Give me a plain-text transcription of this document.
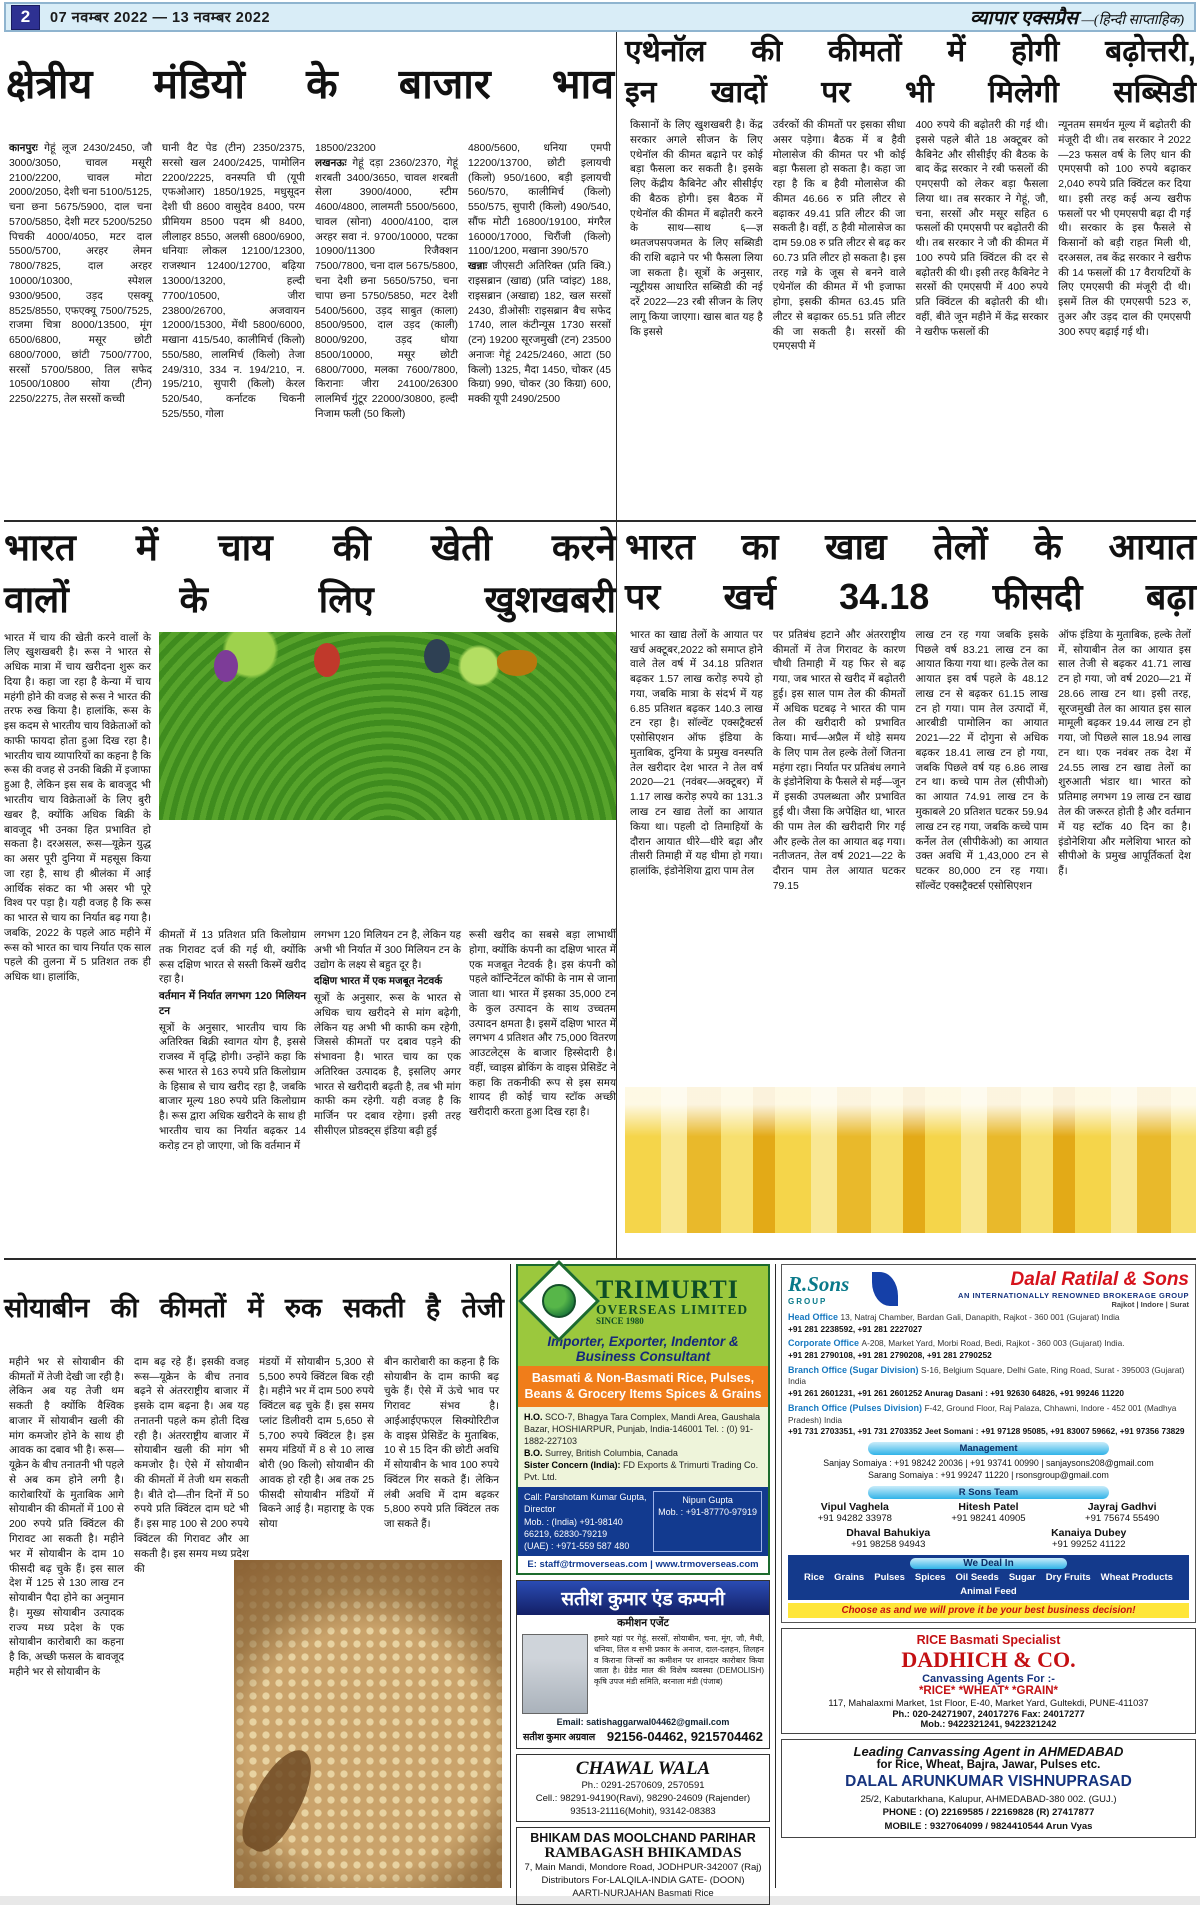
2	07 नवम्बर 2022 — 13 नवम्बर 2022	व्यापार एक्सप्रैस —(हिन्दी साप्ताहिक)
क्षेत्रीय मंडियों के बाजार भाव
कानपुरः गेहूं लूज 2430/2450, जौ 3000/3050, चावल मसूरी 2100/2200, चावल मोटा 2000/2050, देशी चना 5100/5125, चना छना 5675/5900, दाल चना 5700/5850, देशी मटर 5200/5250 पिचकी 4000/4050, मटर दाल 5500/5700, अरहर लेमन 7800/7825, दाल अरहर 10000/10300, स्पेशल 9300/9500, उड़द एसक्यू 8525/8550, एफएक्यू 7500/7525, राजमा चित्रा 8000/13500, मूंग 6500/6800, मसूर छोटी 6800/7000, छांटी 7500/7700, सरसों 5700/5800, तिल सफेद 10500/10800 सोया (टीन) 2250/2275, तेल सरसों कच्ची
घानी वैट पेड (टीन) 2350/2375, सरसो खल 2400/2425, पामोलिन 2200/2225, वनस्पति घी (यूपी एफओआर) 1850/1925, मधुसूदन देशी घी 8600 वासुदेव 8400, परम प्रीमियम 8500 पदम श्री 8400, लीलाहर 8550, अलसी 6800/6900, धनियाः लोकल 12100/12300, राजस्थान 12400/12700, बढ़िया 13000/13200, हल्दी 7700/10500, जीरा 23800/26700, अजवायन 12000/15300, मेंथी 5800/6000, मखाना 415/540, कालीमिर्च (किलो) 550/580, लालमिर्च (किलो) तेजा 249/310, 334 न. 194/210, न. 195/210, सुपारी (किलो) केरल 520/540, कर्नाटक चिकनी 525/550, गोला
18500/23200
लखनऊः गेहूं दड़ा 2360/2370, गेहूं शरबती 3400/3650, चावल शरबती सेला 3900/4000, स्टीम 4600/4800, लालमती 5500/5600, चावल (सोना) 4000/4100, दाल अरहर सवा नं. 9700/10000, पटका 10900/11300 रिजैक्शन 7500/7800, चना दाल 5675/5800, चना देशी छना 5650/5750, चना चापा छना 5750/5850, मटर देशी 5400/5600, उड़द साबुत (काला) 8500/9500, दाल उड़द (काली) 8000/9200, उड़द धोया 8500/10000, मसूर छोटी 6800/7000, मलका 7600/7800, किरानाः जीरा 24100/26300 लालमिर्च गुंटूर 22000/30800, हल्दी निजाम फली (50 किलो)
4800/5600, धनिया एमपी 12200/13700, छोटी इलायची (किलो) 950/1600, बड़ी इलायची 560/570, कालीमिर्च (किलो) 550/575, सुपारी (किलो) 490/540, सौंफ मोटी 16800/19100, मंगरैल 16000/17000, चिरौंजी (किलो) 1100/1200, मखाना 390/570
खन्नाः जीएसटी अतिरिक्त (प्रति क्वि.) राइसब्रान (खाद्य) (प्रति प्वांइट) 188, राइसब्रान (अखाद्य) 182, खल सरसों 2430, डीओसीः राइसब्रान बैच सफेद 1740, लाल कंटीन्यूस 1730 सरसों (टन) 19200 सूरजमुखी (टन) 23500 अनाजः गेहूं 2425/2460, आटा (50 किलो) 1325, मैदा 1450, चोकर (45 किग्रा) 990, चोकर (30 किग्रा) 600, मक्की यूपी 2490/2500
एथेनॉल की कीमतों में होगी बढ़ोत्तरी,
इन खादों पर भी मिलेगी सब्सिडी
किसानों के लिए खुशखबरी है। केंद्र सरकार अगले सीजन के लिए एथेनॉल की कीमत बढ़ाने पर कोई बड़ा फैसला कर सकती है। इसके लिए केंद्रीय कैबिनेट और सीसीईए की बैठक होगी। इस बैठक में एथेनॉल की कीमत में बढ़ोतरी करने के साथ—साथ ६—ज्ञ थ्मतजपसपजमत के लिए सब्सिडी की राशि बढ़ाने पर भी फैसला लिया जा सकता है। सूत्रों के अनुसार, न्यूट्रीयस आधारित सब्सिडी की नई दरें 2022—23 रबी सीजन के लिए लागू किया जाएगा। खास बात यह है कि इससे
उर्वरकों की कीमतों पर इसका सीधा असर पड़ेगा। बैठक में ब हैवी मोलासेज की कीमत पर भी कोई बड़ा फैसला हो सकता है। कहा जा रहा है कि ब हैवी मोलासेज की कीमत 46.66 रु प्रति लीटर से बढ़ाकर 49.41 प्रति लीटर की जा सकती है। वहीं, ठ हैवी मोलासेज का दाम 59.08 रु प्रति लीटर से बढ़ कर 60.73 प्रति लीटर हो सकता है। इस तरह गन्ने के जूस से बनने वाले एथेनॉल की कीमत में भी इजाफा होगा, इसकी कीमत 63.45 प्रति लीटर से बढ़ाकर 65.51 प्रति लीटर की जा सकती है। सरसों की एमएसपी में
400 रुपये की बढ़ोतरी की गई थी। इससे पहले बीते 18 अक्टूबर को कैबिनेट और सीसीईए की बैठक के बाद केंद्र सरकार ने रबी फसलों की एमएसपी को लेकर बड़ा फैसला लिया था। तब सरकार ने गेहूं, जौ, चना, सरसों और मसूर सहित 6 फसलों की एमएसपी पर बढ़ोतरी की थी। तब सरकार ने जौ की कीमत में 100 रुपये प्रति क्विंटल की दर से बढ़ोतरी की थी। इसी तरह कैबिनेट ने सरसों की एमएसपी में 400 रुपये प्रति क्विंटल की बढ़ोतरी की थी। वहीं, बीते जून महीने में केंद्र सरकार ने खरीफ फसलों की
न्यूनतम समर्थन मूल्य में बढ़ोतरी की मंजूरी दी थी। तब सरकार ने 2022—23 फसल वर्ष के लिए धान की एमएसपी को 100 रुपये बढ़ाकर 2,040 रुपये प्रति क्विंटल कर दिया था। इसी तरह कई अन्य खरीफ फसलों पर भी एमएसपी बढ़ा दी गई थी। सरकार के इस फैसले से किसानों को बड़ी राहत मिली थी, दरअसल, तब केंद्र सरकार ने खरीफ की 14 फसलों की 17 वैरायटियों के लिए एमएसपी की मंजूरी दी थी। इसमें तिल की एमएसपी 523 रु, तुअर और उड़द दाल की एमएसपी 300 रुपए बढ़ाई गई थी।
भारत में चाय की खेती करने
वालों के लिए खुशखबरी
भारत में चाय की खेती करने वालों के लिए खुशखबरी है। रूस ने भारत से अधिक मात्रा में चाय खरीदना शुरू कर दिया है। कहा जा रहा है केन्या में चाय महंगी होने की वजह से रूस ने भारत की तरफ रुख किया है। हालांकि, रूस के इस कदम से भारतीय चाय विक्रेताओं को काफी फायदा होता हुआ दिख रहा है। भारतीय चाय व्यापारियों का कहना है कि रूस की वजह से उनकी बिक्री में इजाफा हुआ है, लेकिन इस सब के बावजूद भी भारतीय चाय विक्रेताओं के लिए बुरी खबर है, क्योंकि अधिक बिक्री के बावजूद भी उनका हित प्रभावित हो सकता है। दरअसल, रूस—यूक्रेन युद्ध का असर पूरी दुनिया में महसूस किया जा रहा है, साथ ही श्रीलंका में आई आर्थिक संकट का भी असर भी पूरे विश्व पर पड़ा है। यही वजह है कि रूस का भारत से चाय का निर्यात बढ़ गया है। जबकि, 2022 के पहले आठ महीने में रूस को भारत का चाय निर्यात एक साल पहले की तुलना में 5 प्रतिशत तक ही अधिक था। हालांकि,
कीमतों में 13 प्रतिशत प्रति किलोग्राम तक गिरावट दर्ज की गई थी, क्योंकि रूस दक्षिण भारत से सस्ती किस्में खरीद रहा है।
वर्तमान में निर्यात लगभग 120 मिलियन टन
सूत्रों के अनुसार, भारतीय चाय कि अतिरिक्त बिक्री स्वागत योग है, इससे राजस्व में वृद्धि होगी। उन्होंने कहा कि रूस भारत से 163 रुपये प्रति किलोग्राम के हिसाब से चाय खरीद रहा है, जबकि बाजार मूल्य 180 रुपये प्रति किलोग्राम है। रूस द्वारा अधिक खरीदने के साथ ही भारतीय चाय का निर्यात बढ़कर 14 करोड़ टन हो जाएगा, जो कि वर्तमान में
लगभग 120 मिलियन टन है, लेकिन यह अभी भी निर्यात में 300 मिलियन टन के उद्योग के लक्ष्य से बहुत दूर है।
दक्षिण भारत में एक मजबूत नेटवर्क
सूत्रों के अनुसार, रूस के भारत से अधिक चाय खरीदने से मांग बढ़ेगी, लेकिन यह अभी भी काफी कम रहेगी, जिससे कीमतों पर दबाव पड़ने की संभावना है। भारत चाय का एक अतिरिक्त उत्पादक है, इसलिए अगर भारत से खरीदारी बढ़ती है, तब भी मांग काफी कम रहेगी. यही वजह है कि मार्जिन पर दबाव रहेगा। इसी तरह सीसीएल प्रोडक्ट्स इंडिया बढ़ी हुई
रूसी खरीद का सबसे बड़ा लाभार्थी होगा, क्योंकि कंपनी का दक्षिण भारत में एक मजबूत नेटवर्क है। इस कंपनी को पहले कॉन्टिनेंटल कॉफी के नाम से जाना जाता था। भारत में इसका 35,000 टन के कुल उत्पादन के साथ उच्चतम उत्पादन क्षमता है। इसमें दक्षिण भारत में लगभग 4 प्रतिशत और 75,000 वितरण आउटलेट्स के बाजार हिस्सेदारी है। वहीं, च्वाइस ब्रोकिंग के वाइस प्रेसिडेंट ने कहा कि तकनीकी रूप से इस समय शायद ही कोई चाय स्टॉक अच्छी खरीदारी करता हुआ दिख रहा है।
भारत का खाद्य तेलों के आयात
पर खर्च 34.18 फीसदी बढ़ा
भारत का खाद्य तेलों के आयात पर खर्च अक्टूबर,2022 को समाप्त होने वाले तेल वर्ष में 34.18 प्रतिशत बढ़कर 1.57 लाख करोड़ रुपये हो गया, जबकि मात्रा के संदर्भ में यह 6.85 प्रतिशत बढ़कर 140.3 लाख टन रहा है। सॉल्वेंट एक्सट्रैक्टर्स एसोसिएशन ऑफ इंडिया के मुताबिक, दुनिया के प्रमुख वनस्पति तेल खरीदार देश भारत ने तेल वर्ष 2020—21 (नवंबर—अक्टूबर) में 1.17 लाख करोड़ रुपये का 131.3 लाख टन खाद्य तेलों का आयात किया था। पहली दो तिमाहियों के दौरान आयात धीरे—धीरे बढ़ा और तीसरी तिमाही में यह धीमा हो गया। हालांकि, इंडोनेशिया द्वारा पाम तेल
पर प्रतिबंध हटाने और अंतरराष्ट्रीय कीमतों में तेज गिरावट के कारण चौथी तिमाही में यह फिर से बढ़ गया, जब भारत से खरीद में बढ़ोतरी हुई। इस साल पाम तेल की कीमतों में अधिक घटबढ़ ने भारत की पाम तेल की खरीदारी को प्रभावित किया। मार्च—अप्रैल में थोड़े समय के लिए पाम तेल हल्के तेलों जितना महंगा रहा। निर्यात पर प्रतिबंध लगाने के इंडोनेशिया के फैसले से मई—जून में इसकी उपलब्धता और प्रभावित हुई थी। जैसा कि अपेक्षित था, भारत की पाम तेल की खरीदारी गिर गई और हल्के तेल का आयात बढ़ गया। नतीजतन, तेल वर्ष 2021—22 के दौरान पाम तेल आयात घटकर 79.15
लाख टन रह गया जबकि इसके पिछले वर्ष 83.21 लाख टन का आयात किया गया था। हल्के तेल का आयात इस वर्ष पहले के 48.12 लाख टन से बढ़कर 61.15 लाख टन हो गया। पाम तेल उत्पादों में, आरबीडी पामोलिन का आयात 2021—22 में दोगुना से अधिक बढ़कर 18.41 लाख टन हो गया, जबकि पिछले वर्ष यह 6.86 लाख टन था। कच्चे पाम तेल (सीपीओ) का आयात 74.91 लाख टन के मुकाबले 20 प्रतिशत घटकर 59.94 लाख टन रह गया, जबकि कच्चे पाम कर्नेल तेल (सीपीकेओ) का आयात उक्त अवधि में 1,43,000 टन से घटकर 80,000 टन रह गया। सॉल्वेंट एक्सट्रैक्टर्स एसोसिएशन
ऑफ इंडिया के मुताबिक, हल्के तेलों में, सोयाबीन तेल का आयात इस साल तेजी से बढ़कर 41.71 लाख टन हो गया, जो वर्ष 2020—21 में 28.66 लाख टन था। इसी तरह, सूरजमुखी तेल का आयात इस साल मामूली बढ़कर 19.44 लाख टन हो गया, जो पिछले साल 18.94 लाख टन था। एक नवंबर तक देश में 24.55 लाख टन खाद्य तेलों का शुरुआती भंडार था। भारत को प्रतिमाह लगभग 19 लाख टन खाद्य तेल की जरूरत होती है और वर्तमान में यह स्टॉक 40 दिन का है। इंडोनेशिया और मलेशिया भारत को सीपीओ के प्रमुख आपूर्तिकर्ता देश हैं।
सोयाबीन की कीमतों में रुक सकती है तेजी
महीने भर से सोयाबीन की कीमतों में तेजी देखी जा रही है। लेकिन अब यह तेजी थम सकती है क्योंकि वैश्विक बाजार में सोयाबीन खली की मांग कमजोर होने के साथ ही आवक का दबाव भी है। रूस—यूक्रेन के बीच तनातनी भी पहले से अब कम होने लगी है। कारोबारियों के मुताबिक आगे सोयाबीन की कीमतों में 100 से 200 रुपये प्रति क्विंटल की गिरावट आ सकती है। महीने भर में सोयाबीन के दाम 10 फीसदी बढ़ चुके हैं। इस साल देश में 125 से 130 लाख टन सोयाबीन पैदा होने का अनुमान है। मुख्य सोयाबीन उत्पादक राज्य मध्य प्रदेश के एक सोयाबीन कारोबारी का कहना है कि, अच्छी फसल के बावजूद महीने भर से सोयाबीन के
दाम बढ़ रहे हैं। इसकी वजह रूस—यूक्रेन के बीच तनाव बढ़ने से अंतरराष्ट्रीय बाजार में इसके दाम बढ़ना है। अब यह तनातनी पहले कम होती दिख रही है। अंतरराष्ट्रीय बाजार में सोयाबीन खली की मांग भी कमजोर है। ऐसे में सोयाबीन की कीमतों में तेजी थम सकती है। बीते दो—तीन दिनों में 50 रुपये प्रति क्विंटल दाम घटे भी हैं। इस माह 100 से 200 रुपये क्विंटल की गिरावट और आ सकती है। इस समय मध्य प्रदेश की
मंडयों में सोयाबीन 5,300 से 5,500 रुपये क्विंटल बिक रही है। महीने भर में दाम 500 रुपये क्विंटल बढ़ चुके हैं। इस समय प्लांट डिलीवरी दाम 5,650 से 5,700 रुपये क्विंटल है। इस समय मंडियों में 8 से 10 लाख बोरी (90 किलो) सोयाबीन की आवक हो रही है। अब तक 25 फीसदी सोयाबीन मंडियों में बिकने आई है। महाराष्ट्र के एक सोया
बीन कारोबारी का कहना है कि सोयाबीन के दाम काफी बढ़ चुके हैं। ऐसे में ऊंचे भाव पर गिरावट संभव है। आईआईएफएल सिक्योरिटीज के वाइस प्रेसिडेंट के मुताबिक, 10 से 15 दिन की छोटी अवधि में सोयाबीन के भाव 100 रुपये क्विंटल गिर सकते हैं। लेकिन लंबी अवधि में दाम बढ़कर 5,800 रुपये प्रति क्विंटल तक जा सकते हैं।
TRIMURTI
OVERSEAS LIMITED
SINCE 1980
Importer, Exporter, Indentor & Business Consultant
Basmati & Non-Basmati Rice, Pulses, Beans & Grocery Items Spices & Grains
H.O. SCO-7, Bhagya Tara Complex, Mandi Area, Gaushala Bazar, HOSHIARPUR, Punjab, India-146001 Tel. : (0) 91-1882-227103
B.O. Surrey, British Columbia, Canada
Sister Concern (India): FD Exports & Trimurti Trading Co. Pvt. Ltd.
Call: Parshotam Kumar Gupta, Director
Mob. : (India) +91-98140 66219, 62830-79219
(UAE) : +971-559 587 480
Nipun Gupta
Mob. : +91-87770-97919
E: staff@trmoverseas.com | www.trmoverseas.com
सतीश कुमार एंड कम्पनी
कमीशन एजेंट
हमारे यहां पर गेहूं, सरसों, सोयाबीन, चना, मूंग, जौ, मैथी, धनिया, तिल व सभी प्रकार के अनाज, दाल-दलहन, तिलहन व किराना जिन्सों का कमीशन पर शानदार कारोबार किया जाता है। ग्रेडेड माल की विशेष व्यवस्था (DEMOLISH) कृषि उपज मंडी समिति, बरनाला मंडी (पंजाब)
Email: satishaggarwal04462@gmail.com
सतीश कुमार अग्रवाल 92156-04462, 9215704462
CHAWAL WALA
Ph.: 0291-2570609, 2570591
Cell.: 98291-94190(Ravi), 98290-24609 (Rajender)
93513-21116(Mohit), 93142-08383
BHIKAM DAS MOOLCHAND PARIHAR
RAMBAGASH BHIKAMDAS
7, Main Mandi, Mondore Road, JODHPUR-342007 (Raj)
Distributors For-LALQILA-INDIA GATE- (DOON)
AARTI-NURJAHAN Basmati Rice
R.Sons
GROUP
Dalal Ratilal & Sons
AN INTERNATIONALLY RENOWNED BROKERAGE GROUP
Rajkot | Indore | Surat
Head Office 13, Natraj Chamber, Bardan Gali, Danapith, Rajkot - 360 001 (Gujarat) India
+91 281 2238592, +91 281 2227027
Corporate Office A-208, Market Yard, Morbi Road, Bedi, Rajkot - 360 003 (Gujarat) India.
+91 281 2790108, +91 281 2790208, +91 281 2790252
Branch Office (Sugar Division) S-16, Belgium Square, Delhi Gate, Ring Road, Surat - 395003 (Gujarat) India
+91 261 2601231, +91 261 2601252 Anurag Dasani : +91 92630 64826, +91 99246 11220
Branch Office (Pulses Division) F-42, Ground Floor, Raj Palaza, Chhawni, Indore - 452 001 (Madhya Pradesh) India
+91 731 2703351, +91 731 2703352 Jeet Somani : +91 97128 95085, +91 83007 59662, +91 97356 73829
Management
Sanjay Somaiya : +91 98242 20036 | +91 93741 00990 | sanjaysons208@gmail.com
Sarang Somaiya : +91 99247 11220 | rsonsgroup@gmail.com
R Sons Team
Vipul Vaghela
+91 94282 33978
Hitesh Patel
+91 98241 40905
Jayraj Gadhvi
+91 75674 55490
Dhaval Bahukiya
+91 98258 94943
Kanaiya Dubey
+91 99252 41122
We Deal In
Rice Grains Pulses Spices Oil Seeds Sugar Dry Fruits Wheat Products
Animal Feed
Choose as and we will prove it be your best business decision!
RICE Basmati Specialist
DADHICH & CO.
Canvassing Agents For :-
*RICE* *WHEAT* *GRAIN*
117, Mahalaxmi Market, 1st Floor, E-40, Market Yard, Gultekdi, PUNE-411037
Ph.: 020-24271907, 24017276 Fax: 24017277
Mob.: 9422321241, 9422321242
Leading Canvassing Agent in AHMEDABAD
for Rice, Wheat, Bajra, Jawar, Pulses etc.
DALAL ARUNKUMAR VISHNUPRASAD
25/2, Kabutarkhana, Kalupur, AHMEDABAD-380 002. (GUJ.)
PHONE : (O) 22169585 / 22169828 (R) 27417877
MOBILE : 9327064099 / 9824410544 Arun Vyas
